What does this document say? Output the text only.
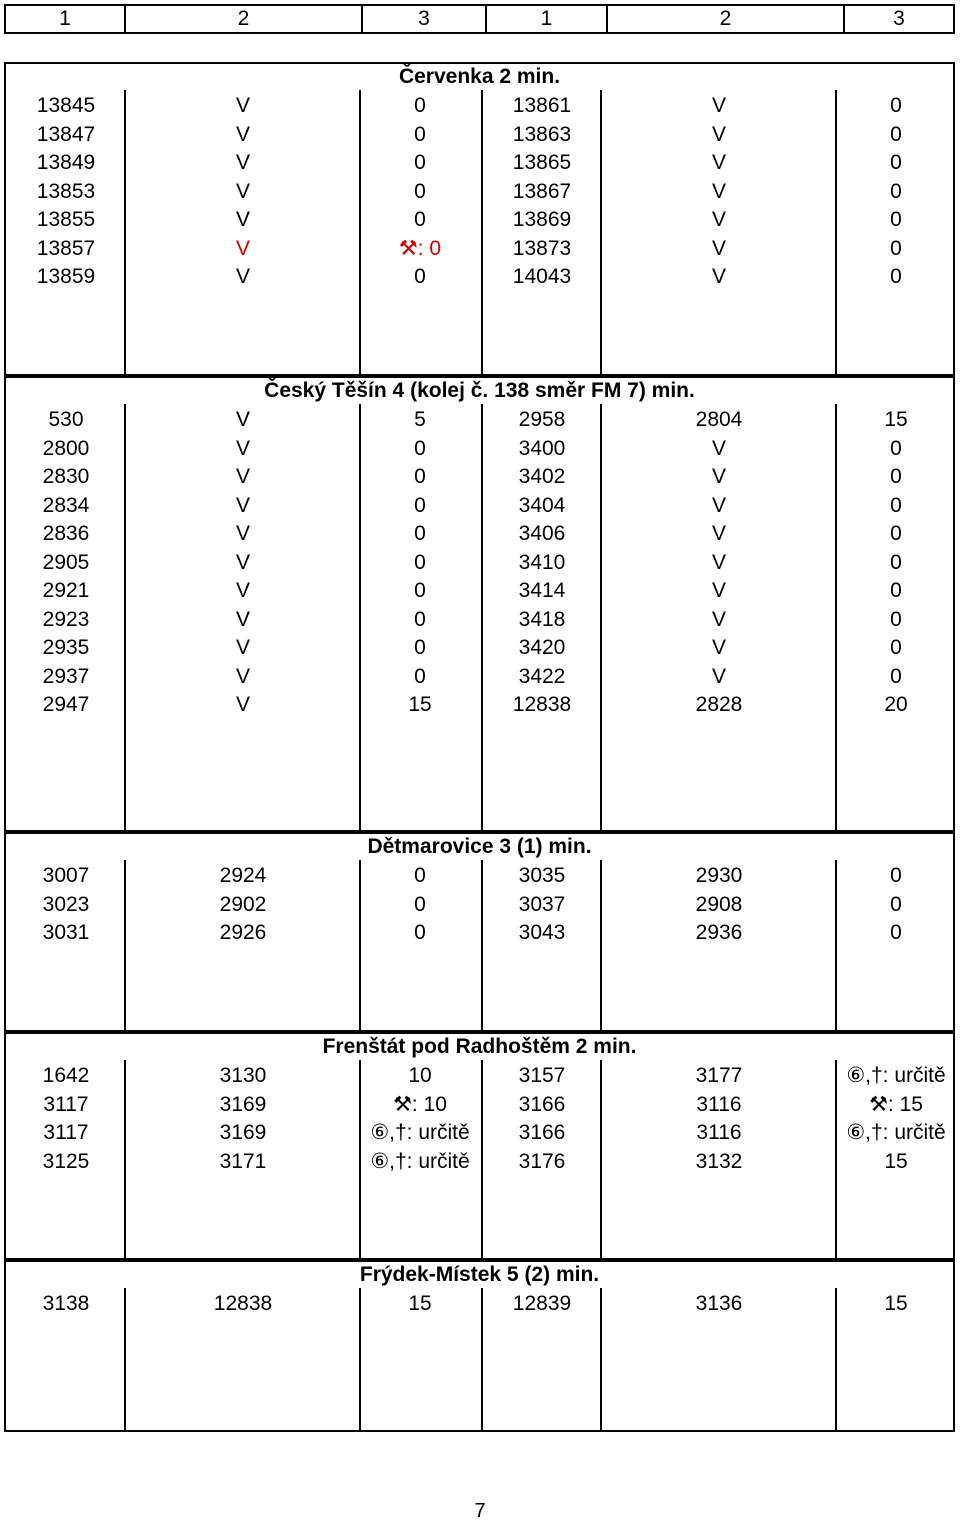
1	2	3	1	2	3
Červenka 2 min.
13845	V	0	13861	V	0
13847	V	0	13863	V	0
13849	V	0	13865	V	0
13853	V	0	13867	V	0
13855	V	0	13869	V	0
13857	V	⚒: 0	13873	V	0
13859	V	0	14043	V	0
Český Těšín 4 (kolej č. 138 směr FM 7) min.
530	V	5	2958	2804	15
2800	V	0	3400	V	0
2830	V	0	3402	V	0
2834	V	0	3404	V	0
2836	V	0	3406	V	0
2905	V	0	3410	V	0
2921	V	0	3414	V	0
2923	V	0	3418	V	0
2935	V	0	3420	V	0
2937	V	0	3422	V	0
2947	V	15	12838	2828	20
Dětmarovice 3 (1) min.
3007	2924	0	3035	2930	0
3023	2902	0	3037	2908	0
3031	2926	0	3043	2936	0
Frenštát pod Radhoštěm 2 min.
1642	3130	10	3157	3177	⑥,†: určitě
3117	3169	⚒: 10	3166	3116	⚒: 15
3117	3169	⑥,†: určitě	3166	3116	⑥,†: určitě
3125	3171	⑥,†: určitě	3176	3132	15
Frýdek-Místek 5 (2) min.
3138	12838	15	12839	3136	15
7
